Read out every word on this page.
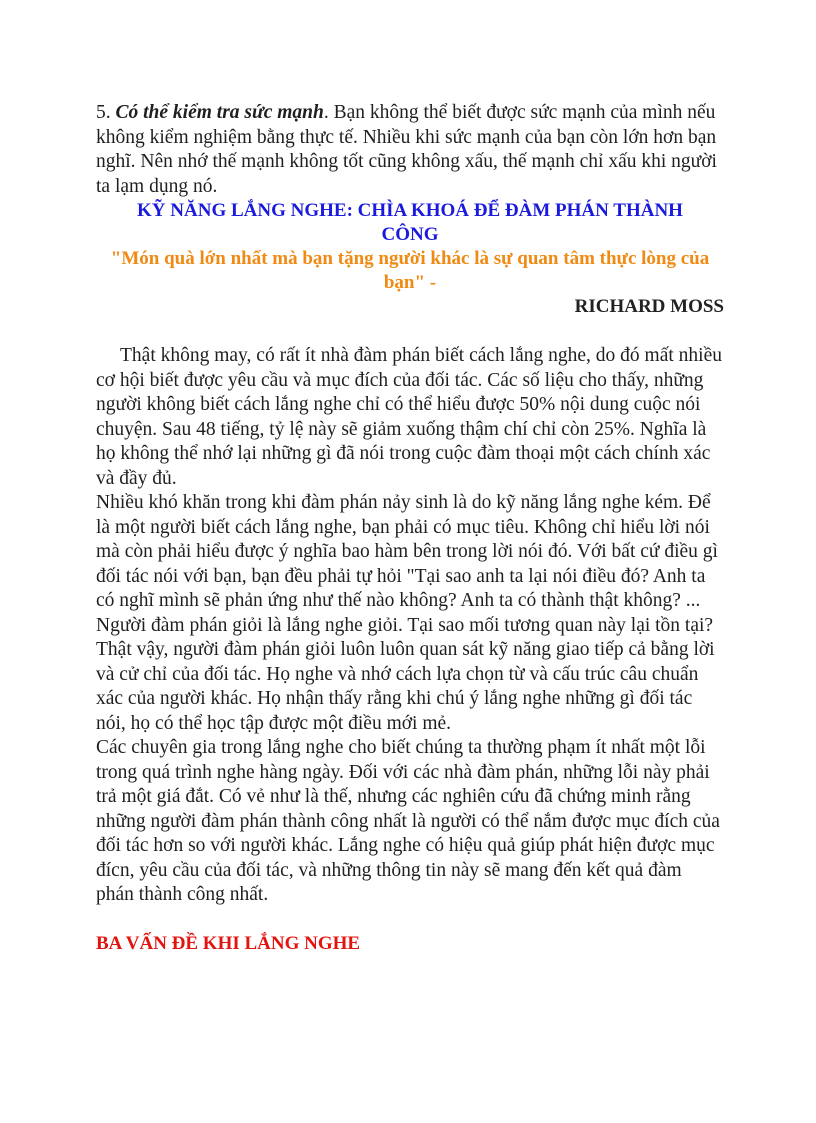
5. Có thể kiểm tra sức mạnh. Bạn không thể biết được sức mạnh của mình nếu không kiểm nghiệm bằng thực tế. Nhiều khi sức mạnh của bạn còn lớn hơn bạn nghĩ. Nên nhớ thế mạnh không tốt cũng không xấu, thế mạnh chỉ xấu khi người ta lạm dụng nó.

KỸ NĂNG LẮNG NGHE: CHÌA KHOÁ ĐỂ ĐÀM PHÁN THÀNH CÔNG

"Món quà lớn nhất mà bạn tặng người khác là sự quan tâm thực lòng của bạn" -

RICHARD MOSS

Thật không may, có rất ít nhà đàm phán biết cách lắng nghe, do đó mất nhiều cơ hội biết được yêu cầu và mục đích của đối tác. Các số liệu cho thấy, những người không biết cách lắng nghe chỉ có thể hiểu được 50% nội dung cuộc nói chuyện. Sau 48 tiếng, tỷ lệ này sẽ giảm xuống thậm chí chỉ còn 25%. Nghĩa là họ không thể nhớ lại những gì đã nói trong cuộc đàm thoại một cách chính xác và đầy đủ.

Nhiều khó khăn trong khi đàm phán nảy sinh là do kỹ năng lắng nghe kém. Để là một người biết cách lắng nghe, bạn phải có mục tiêu. Không chỉ hiểu lời nói mà còn phải hiểu được ý nghĩa bao hàm bên trong lời nói đó. Với bất cứ điều gì đối tác nói với bạn, bạn đều phải tự hỏi "Tại sao anh ta lại nói điều đó? Anh ta có nghĩ mình sẽ phản ứng như thế nào không? Anh ta có thành thật không? ...

Người đàm phán giỏi là lắng nghe giỏi. Tại sao mối tương quan này lại tồn tại? Thật vậy, người đàm phán giỏi luôn luôn quan sát kỹ năng giao tiếp cả bằng lời và cử chỉ của đối tác. Họ nghe và nhớ cách lựa chọn từ và cấu trúc câu chuẩn xác của người khác. Họ nhận thấy rằng khi chú ý lắng nghe những gì đối tác nói, họ có thể học tập được một điều mới mẻ.

Các chuyên gia trong lắng nghe cho biết chúng ta thường phạm ít nhất một lỗi trong quá trình nghe hàng ngày. Đối với các nhà đàm phán, những lỗi này phải trả một giá đắt. Có vẻ như là thế, nhưng các nghiên cứu đã chứng minh rằng những người đàm phán thành công nhất là người có thể nắm được mục đích của đối tác hơn so với người khác. Lắng nghe có hiệu quả giúp phát hiện được mục đícn, yêu cầu của đối tác, và những thông tin này sẽ mang đến kết quả đàm phán thành công nhất.

BA VẤN ĐỀ KHI LẮNG NGHE
